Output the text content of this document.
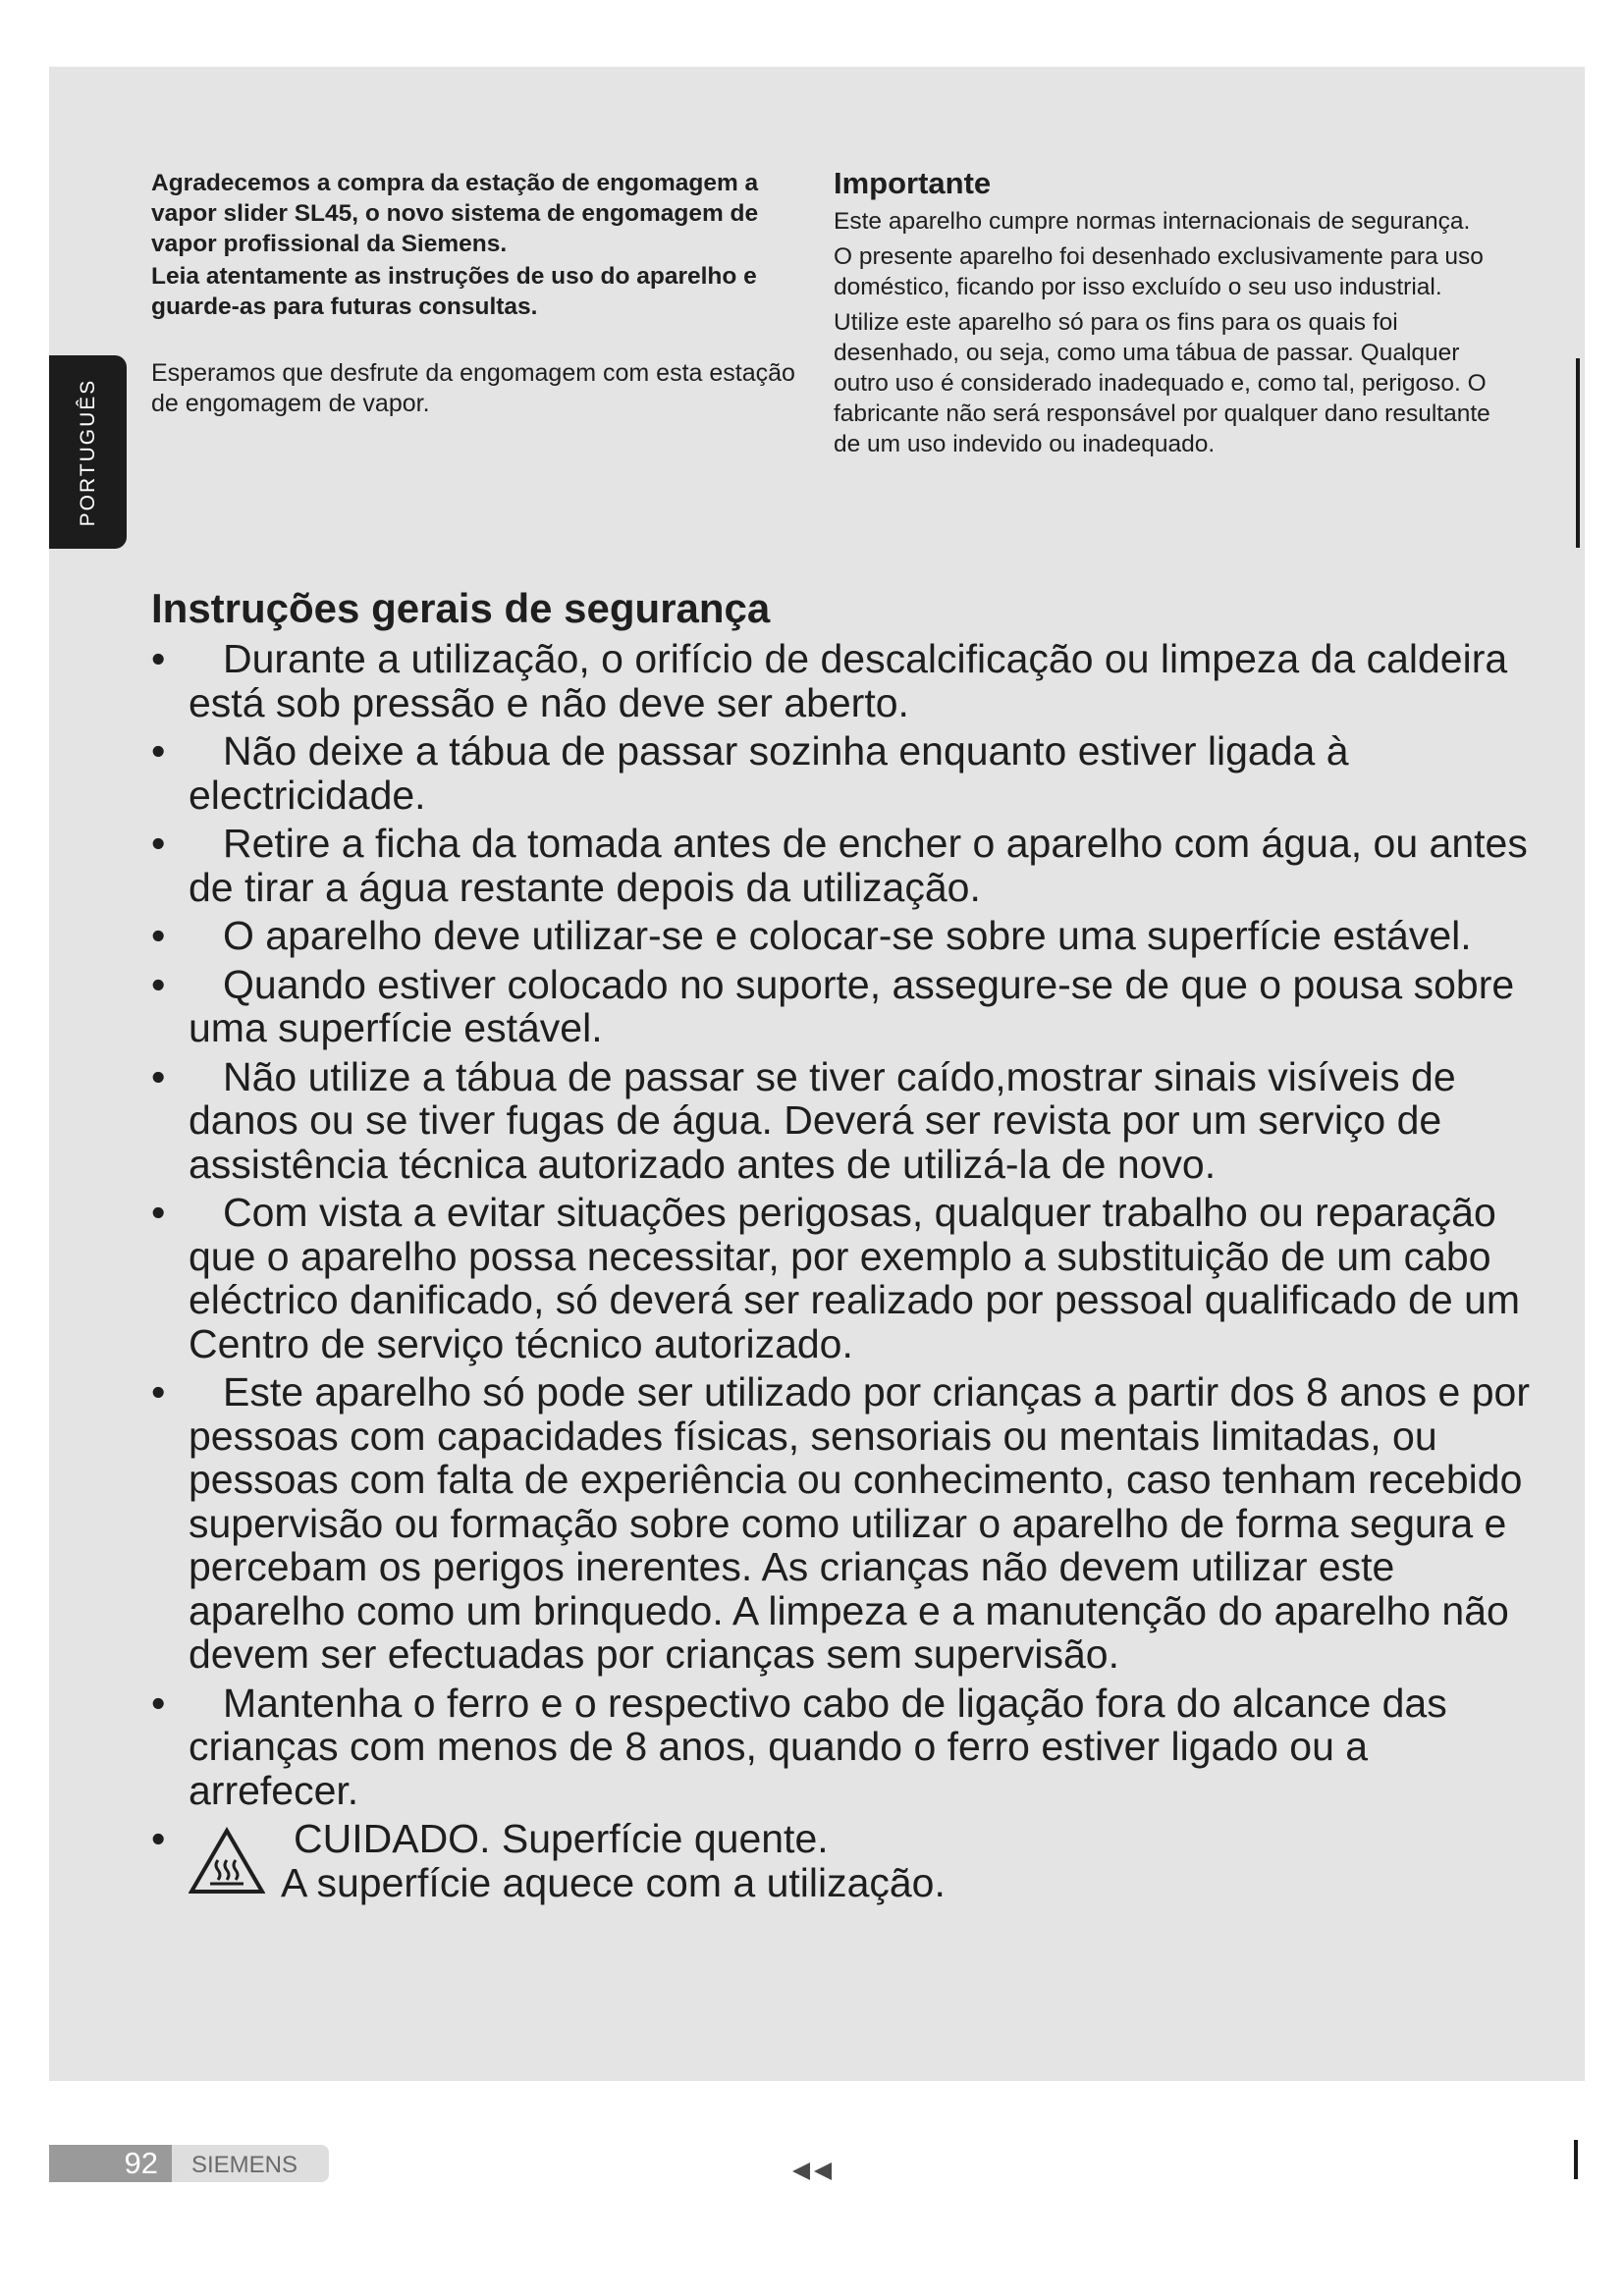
PORTUGUÊS

Agradecemos a compra da estação de engomagem a vapor slider SL45, o novo sistema de engomagem de vapor profissional da Siemens.

Leia atentamente as instruções de uso do aparelho e guarde-as para futuras consultas.

Esperamos que desfrute da engomagem com esta estação de engomagem de vapor.

Importante

Este aparelho cumpre normas internacionais de segurança.

O presente aparelho foi desenhado exclusivamente para uso doméstico, ficando por isso excluído o seu uso industrial.

Utilize este aparelho só para os fins para os quais foi desenhado, ou seja, como uma tábua de passar. Qualquer outro uso é considerado inadequado e, como tal, perigoso. O fabricante não será responsável por qualquer dano resultante de um uso indevido ou inadequado.

Instruções gerais de segurança
• Durante a utilização, o orifício de descalcificação ou limpeza da caldeira está sob pressão e não deve ser aberto.
• Não deixe a tábua de passar sozinha enquanto estiver ligada à electricidade.
• Retire a ficha da tomada antes de encher o aparelho com água, ou antes de tirar a água restante depois da utilização.
• O aparelho deve utilizar-se e colocar-se sobre uma superfície estável.
• Quando estiver colocado no suporte, assegure-se de que o pousa sobre uma superfície estável.
• Não utilize a tábua de passar se tiver caído,mostrar sinais visíveis de danos ou se tiver fugas de água. Deverá ser revista por um serviço de assistência técnica autorizado antes de utilizá-la de novo.
• Com vista a evitar situações perigosas, qualquer trabalho ou reparação que o aparelho possa necessitar, por exemplo a substituição de um cabo eléctrico danificado, só deverá ser realizado por pessoal qualificado de um Centro de serviço técnico autorizado.
• Este aparelho só pode ser utilizado por crianças a partir dos 8 anos e por pessoas com capacidades físicas, sensoriais ou mentais limitadas, ou pessoas com falta de experiência ou conhecimento, caso tenham recebido supervisão ou formação sobre como utilizar o aparelho de forma segura e percebam os perigos inerentes. As crianças não devem utilizar este aparelho como um brinquedo. A limpeza e a manutenção do aparelho não devem ser efectuadas por crianças sem supervisão.
• Mantenha o ferro e o respectivo cabo de ligação fora do alcance das crianças com menos de 8 anos, quando o ferro estiver ligado ou a arrefecer.
•	CUIDADO. Superfície quente.
A superfície aquece com a utilização.
92 SIEMENS
